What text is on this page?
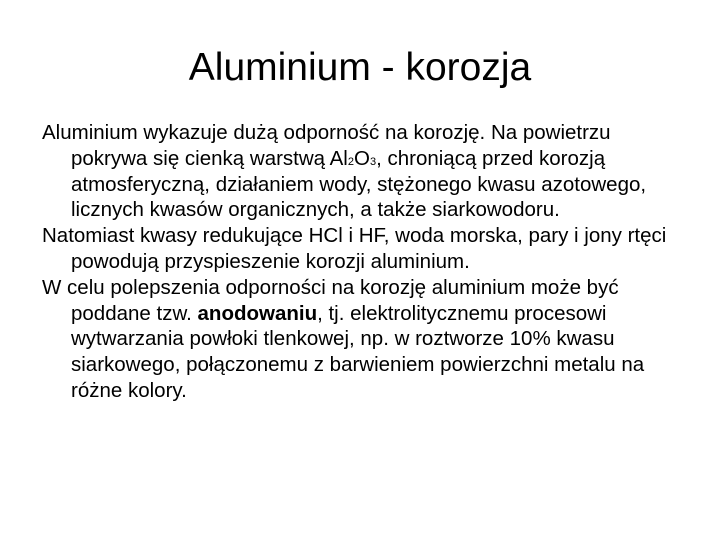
Aluminium - korozja

Aluminium wykazuje dużą odporność na korozję. Na powietrzu pokrywa się cienką warstwą Al2O3, chroniącą przed korozją atmosferyczną, działaniem wody, stężonego kwasu azotowego, licznych kwasów organicznych, a także siarkowodoru.

Natomiast kwasy redukujące HCl i HF, woda morska, pary i jony rtęci powodują przyspieszenie korozji aluminium.

W celu polepszenia odporności na korozję aluminium może być poddane tzw. anodowaniu, tj. elektrolitycznemu procesowi wytwarzania powłoki tlenkowej, np. w roztworze 10% kwasu siarkowego, połączonemu z barwieniem powierzchni metalu na różne kolory.
